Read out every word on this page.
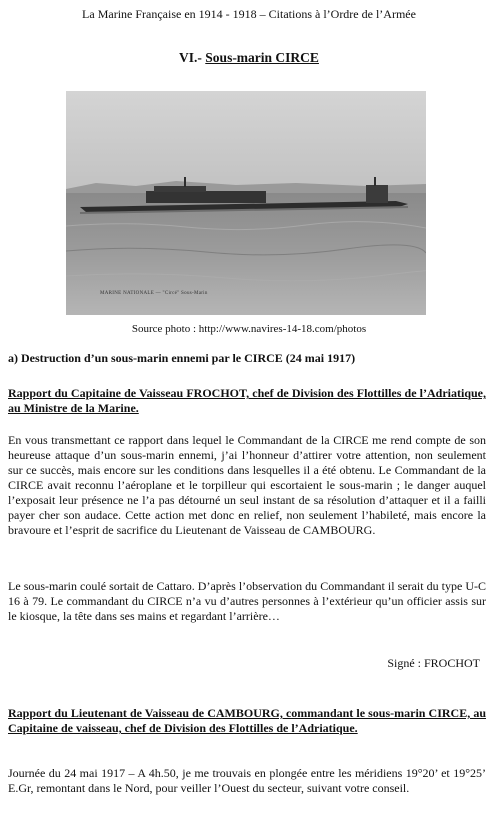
La Marine Française en 1914 - 1918 – Citations à l’Ordre de l’Armée
VI.- Sous-marin CIRCE
MARINE NATIONALE — "Circé" Sous-Marin
Source photo : http://www.navires-14-18.com/photos
a) Destruction d’un sous-marin ennemi par le CIRCE (24 mai 1917)
Rapport du Capitaine de Vaisseau FROCHOT, chef de Division des Flottilles de l’Adriatique, au Ministre de la Marine.
En vous transmettant ce rapport dans lequel le Commandant de la CIRCE me rend compte de son heureuse attaque d’un sous-marin ennemi, j’ai l’honneur d’attirer votre attention, non seulement sur ce succès, mais encore sur les conditions dans lesquelles il a été obtenu. Le Commandant de la CIRCE avait reconnu l’aéroplane et le torpilleur qui escortaient le sous-marin ; le danger auquel l’exposait leur présence ne l’a pas détourné un seul instant de sa résolution d’attaquer et il a failli payer cher son audace. Cette action met donc en relief, non seulement l’habileté, mais encore la bravoure et l’esprit de sacrifice du Lieutenant de Vaisseau de CAMBOURG.
Le sous-marin coulé sortait de Cattaro. D’après l’observation du Commandant il serait du type U-C 16 à 79. Le commandant du CIRCE n’a vu d’autres personnes à l’extérieur qu’un officier assis sur le kiosque, la tête dans ses mains et regardant l’arrière…
Signé : FROCHOT
Rapport du Lieutenant de Vaisseau de CAMBOURG, commandant le sous-marin CIRCE, au Capitaine de vaisseau, chef de Division des Flottilles de l’Adriatique.
Journée du 24 mai 1917 – A 4h.50, je me trouvais en plongée entre les méridiens 19°20’ et 19°25’ E.Gr, remontant dans le Nord, pour veiller l’Ouest du secteur, suivant votre conseil.
